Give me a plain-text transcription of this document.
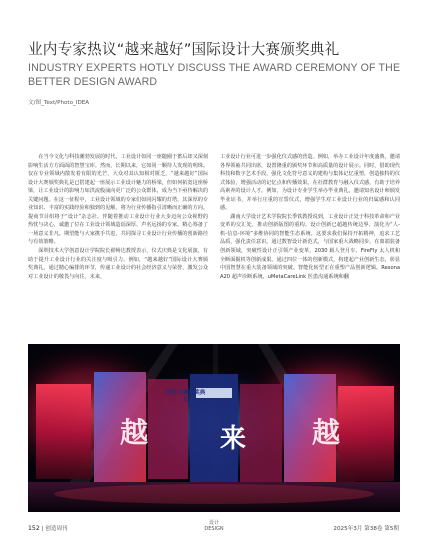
业内专家热议“越来越好”国际设计大赛颁奖典礼
INDUSTRY EXPERTS HOTLY DISCUSS THE AWARD CEREMONY OF THE BETTER DESIGN AWARD
文/图_Text/Photo_IDEA

在当今文化与科技潮勃发展的时代，工业设计如同一座随圈于蓄后却又深刻影响生活方方面面的智慧宝库。然而，长期以来，它如同一颗待人发现的明珠。仅在专业领域内散发着有限的光芒，大众对其认知相对匮乏。“越来越好”国际设计大赛颁奖典礼是已搭建起一座展示工业设计魅力的桥梁，但如何拓宽这座桥梁，让工业设计的影响力如洪流般涌向更广泛的公众群体，成为当下亟待解决的关键问题。在这一征程中，工业设计领域的专家们如同闪耀的灯塔，其深厚的专业知识、丰富的实践经验和独到的见解，将为行业传播指引清晰而正确的方向。提商节目组将于“设计”杂志社、伴随着推动工业设计行业大步迈向公众视野的热忱与决心，诚邀了位在工业设计领域造诣深厚、声名远扬的专家。精心筹备了一场意义非凡、期望能与大家携手共进，共同探寻工业设计行业传播的创新路径与有效策略。

深圳技术大学创意设计学院院长翟畅达教授表示，仪式庆典是文化展演，有助于提升工业设计行业的关注度与吸引力。例如，“越来越好”国际设计大赛颁奖典礼，通过精心编排的环节，传递工业设计的社会经济意义与荣誉，激发公众对工业设计的敬畏与向往。未来，

工业设计行业可进一步强化仪式感的营造。例如，举办工业设计年度盛典，邀请各界领袖共同出席，设置隆重的颁奖环节和高质量的设计展示。同时，借助现代科技和数字艺术手段，强化文化符号意义的建构与集体记忆重塑，创造独特的仪式体验，增强活动的记忆点和传播效果。在社群教育与融入仪式感，有助于培养高素养的设计人才。例如，为设计专业学生举办毕业典礼，邀请知名设计师颁发毕业证书，并举行庄重的宣誓仪式，增强学生对工业设计行业的归属感和认同感。

湖南大学设计艺术学院院长季铁教授说到，工业设计正处于科技革命和产业变革的交汇处，推动创新版图的重构。设计创新已超越传统边界，演化为“人-机-信息-环境”多维协同的智能生态系统。这要求我们保持开拓精神，追求工艺品质，强化责任意识。通过数智设计新范式，与国家重大战略同步。在离端装备创新领域，突破性设计正引领产业变革，2030 载人登月车、FireFly 太人机和全断面掘机等创新成果。通过四位一体的创新模式，构建起产业创新生态，彰显中国智慧在重大装备领域的突破。智能化转型正在重塑产品创新逻辑。Resona A20 超声诊断系统、uMetaCareLink 医患沟通系统和翻

越	来 越
设计大赛颁奖典礼
152 | 创造周刊
设计
DESIGN	2025年3月 第38卷 第5期
